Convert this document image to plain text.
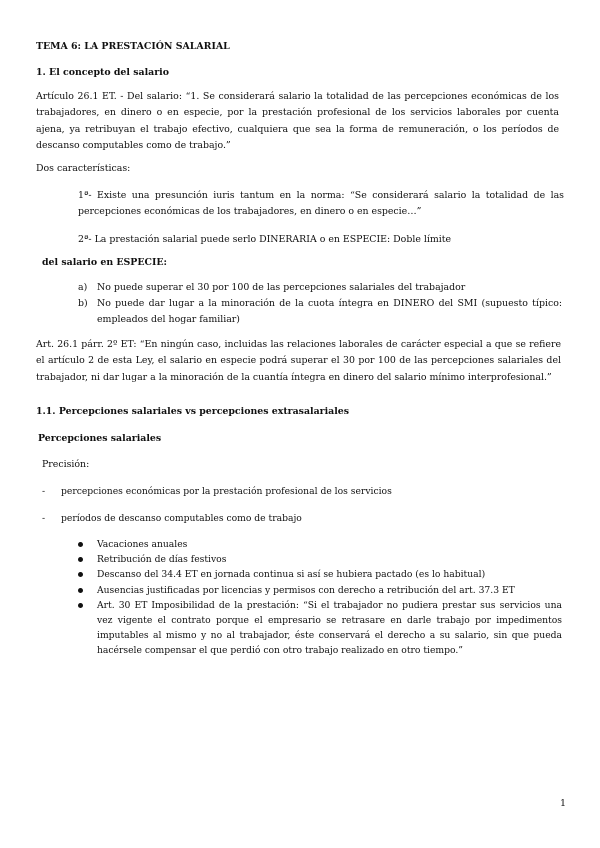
TEMA 6: LA PRESTACIÓN SALARIAL

1. El concepto del salario

Artículo 26.1 ET. - Del salario: “1. Se considerará salario la totalidad de las percepciones económicas de los trabajadores, en dinero o en especie, por la prestación profesional de los servicios laborales por cuenta ajena, ya retribuyan el trabajo efectivo, cualquiera que sea la forma de remuneración, o los períodos de descanso computables como de trabajo.”

Dos características:

1ª- Existe una presunción iuris tantum en la norma: “Se considerará salario la totalidad de las percepciones económicas de los trabajadores, en dinero o en especie…”

2ª- La prestación salarial puede serlo DINERARIA o en ESPECIE: Doble límite

del salario en ESPECIE:

a) No puede superar el 30 por 100 de las percepciones salariales del trabajador
b) No puede dar lugar a la minoración de la cuota íntegra en DINERO del SMI (supuesto típico: empleados del hogar familiar)

Art. 26.1 párr. 2º ET: “En ningún caso, incluidas las relaciones laborales de carácter especial a que se refiere el artículo 2 de esta Ley, el salario en especie podrá superar el 30 por 100 de las percepciones salariales del trabajador, ni dar lugar a la minoración de la cuantía íntegra en dinero del salario mínimo interprofesional.”

1.1. Percepciones salariales vs percepciones extrasalariales

Percepciones salariales

Precisión:

- percepciones económicas por la prestación profesional de los servicios
- períodos de descanso computables como de trabajo
Vacaciones anuales
Retribución de días festivos
Descanso del 34.4 ET en jornada continua si así se hubiera pactado (es lo habitual)
Ausencias justificadas por licencias y permisos con derecho a retribución del art. 37.3 ET
Art. 30 ET Imposibilidad de la prestación: “Si el trabajador no pudiera prestar sus servicios una vez vigente el contrato porque el empresario se retrasare en darle trabajo por impedimentos imputables al mismo y no al trabajador, éste conservará el derecho a su salario, sin que pueda hacérsele compensar el que perdió con otro trabajo realizado en otro tiempo.”
1
